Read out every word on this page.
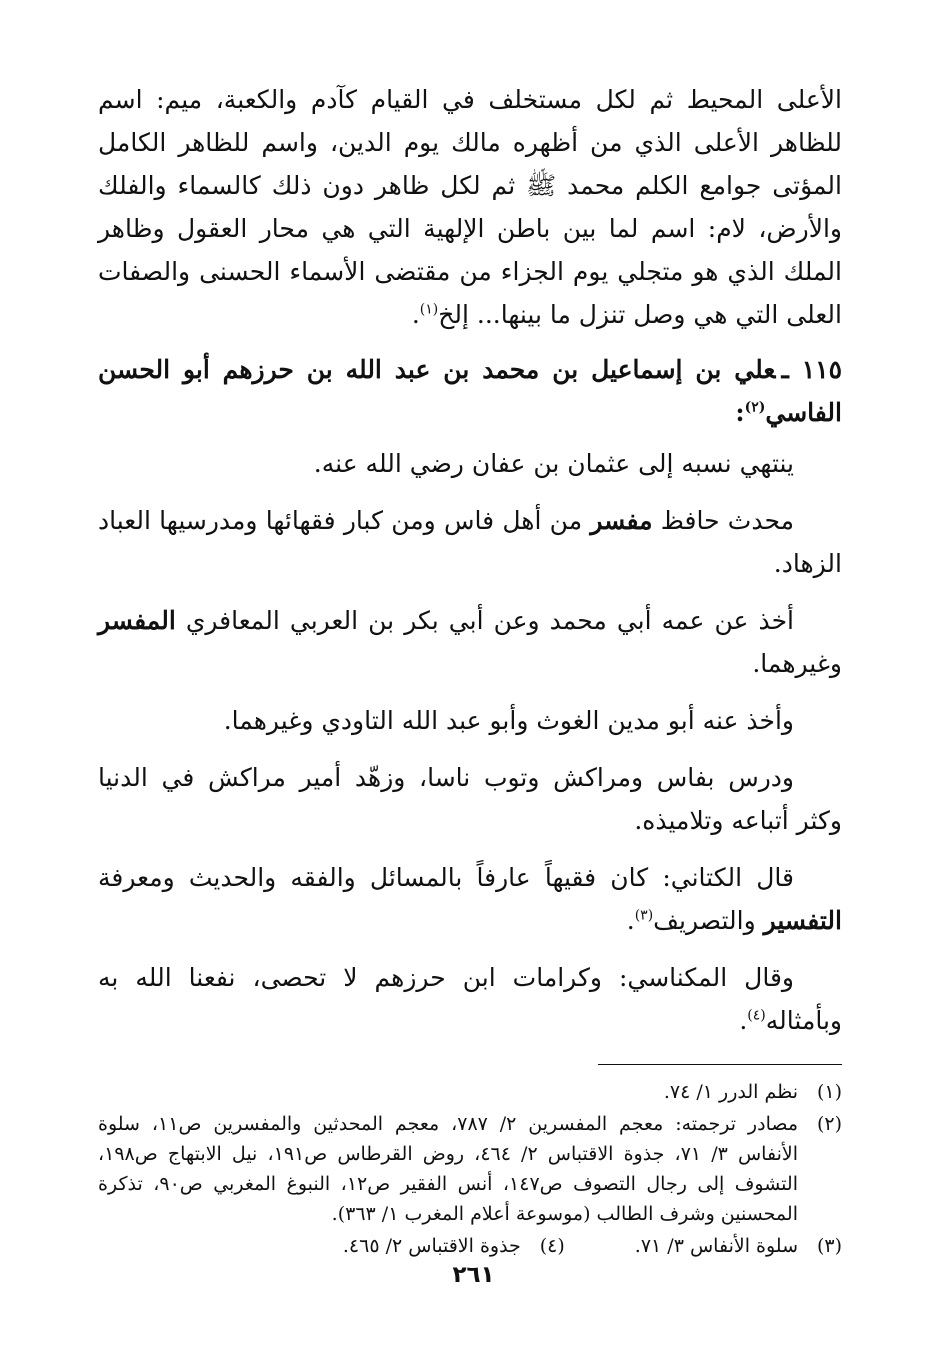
الأعلى المحيط ثم لكل مستخلف في القيام كآدم والكعبة، ميم: اسم للظاهر الأعلى الذي من أظهره مالك يوم الدين، واسم للظاهر الكامل المؤتى جوامع الكلم محمد ﷺ ثم لكل ظاهر دون ذلك كالسماء والفلك والأرض، لام: اسم لما بين باطن الإلهية التي هي محار العقول وظاهر الملك الذي هو متجلي يوم الجزاء من مقتضى الأسماء الحسنى والصفات العلى التي هي وصل تنزل ما بينها... إلخ$^{(١)}$.

١١٥ ـعلي بن إسماعيل بن محمد بن عبد الله بن حرزهم أبو الحسن الفاسي$^{(٢)}$:

ينتهي نسبه إلى عثمان بن عفان رضي الله عنه.

محدث حافظ مفسر من أهل فاس ومن كبار فقهائها ومدرسيها العباد الزهاد.

أخذ عن عمه أبي محمد وعن أبي بكر بن العربي المعافري المفسر وغيرهما.

وأخذ عنه أبو مدين الغوث وأبو عبد الله التاودي وغيرهما.

ودرس بفاس ومراكش وتوب ناسا، وزهّد أمير مراكش في الدنيا وكثر أتباعه وتلاميذه.

قال الكتاني: كان فقيهاً عارفاً بالمسائل والفقه والحديث ومعرفة التفسير والتصريف$^{(٣)}$.

وقال المكناسي: وكرامات ابن حرزهم لا تحصى، نفعنا الله به وبأمثاله$^{(٤)}$.

(١)
نظم الدرر ١/ ٧٤.
(٢)
مصادر ترجمته: معجم المفسرين ٢/ ٧٨٧، معجم المحدثين والمفسرين ص١١، سلوة الأنفاس ٣/ ٧١، جذوة الاقتباس ٢/ ٤٦٤، روض القرطاس ص١٩١، نيل الابتهاج ص١٩٨، التشوف إلى رجال التصوف ص١٤٧، أنس الفقير ص١٢، النبوغ المغربي ص٩٠، تذكرة المحسنين وشرف الطالب (موسوعة أعلام المغرب ١/ ٣٦٣).
(٣)
سلوة الأنفاس ٣/ ٧١.
(٤)
جذوة الاقتباس ٢/ ٤٦٥.
٢٦١
